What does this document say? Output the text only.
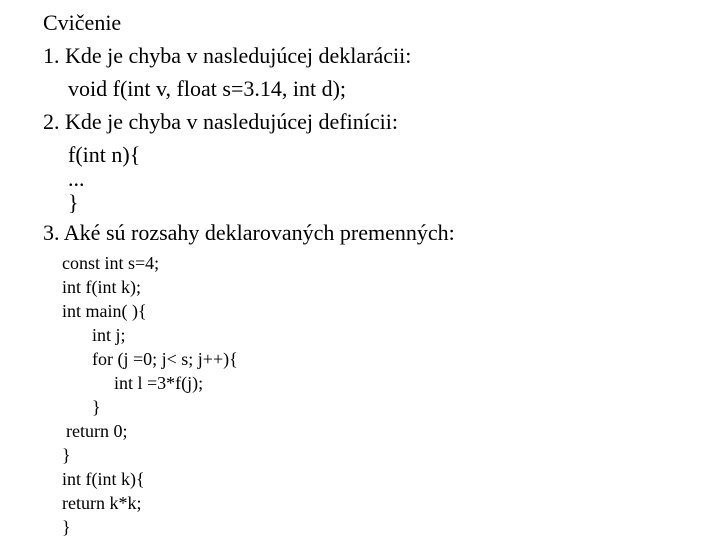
Cvičenie

1. Kde je chyba v nasledujúcej deklarácii:

void f(int v, float s=3.14, int d);

2. Kde je chyba v nasledujúcej definícii:

f(int n){

...

}

3. Aké sú rozsahy deklarovaných premenných:

const int s=4;

int f(int k);

int main( ){

int j;

for (j =0; j< s; j++){

int l =3*f(j);

}

return 0;

}

int f(int k){

return k*k;

}
